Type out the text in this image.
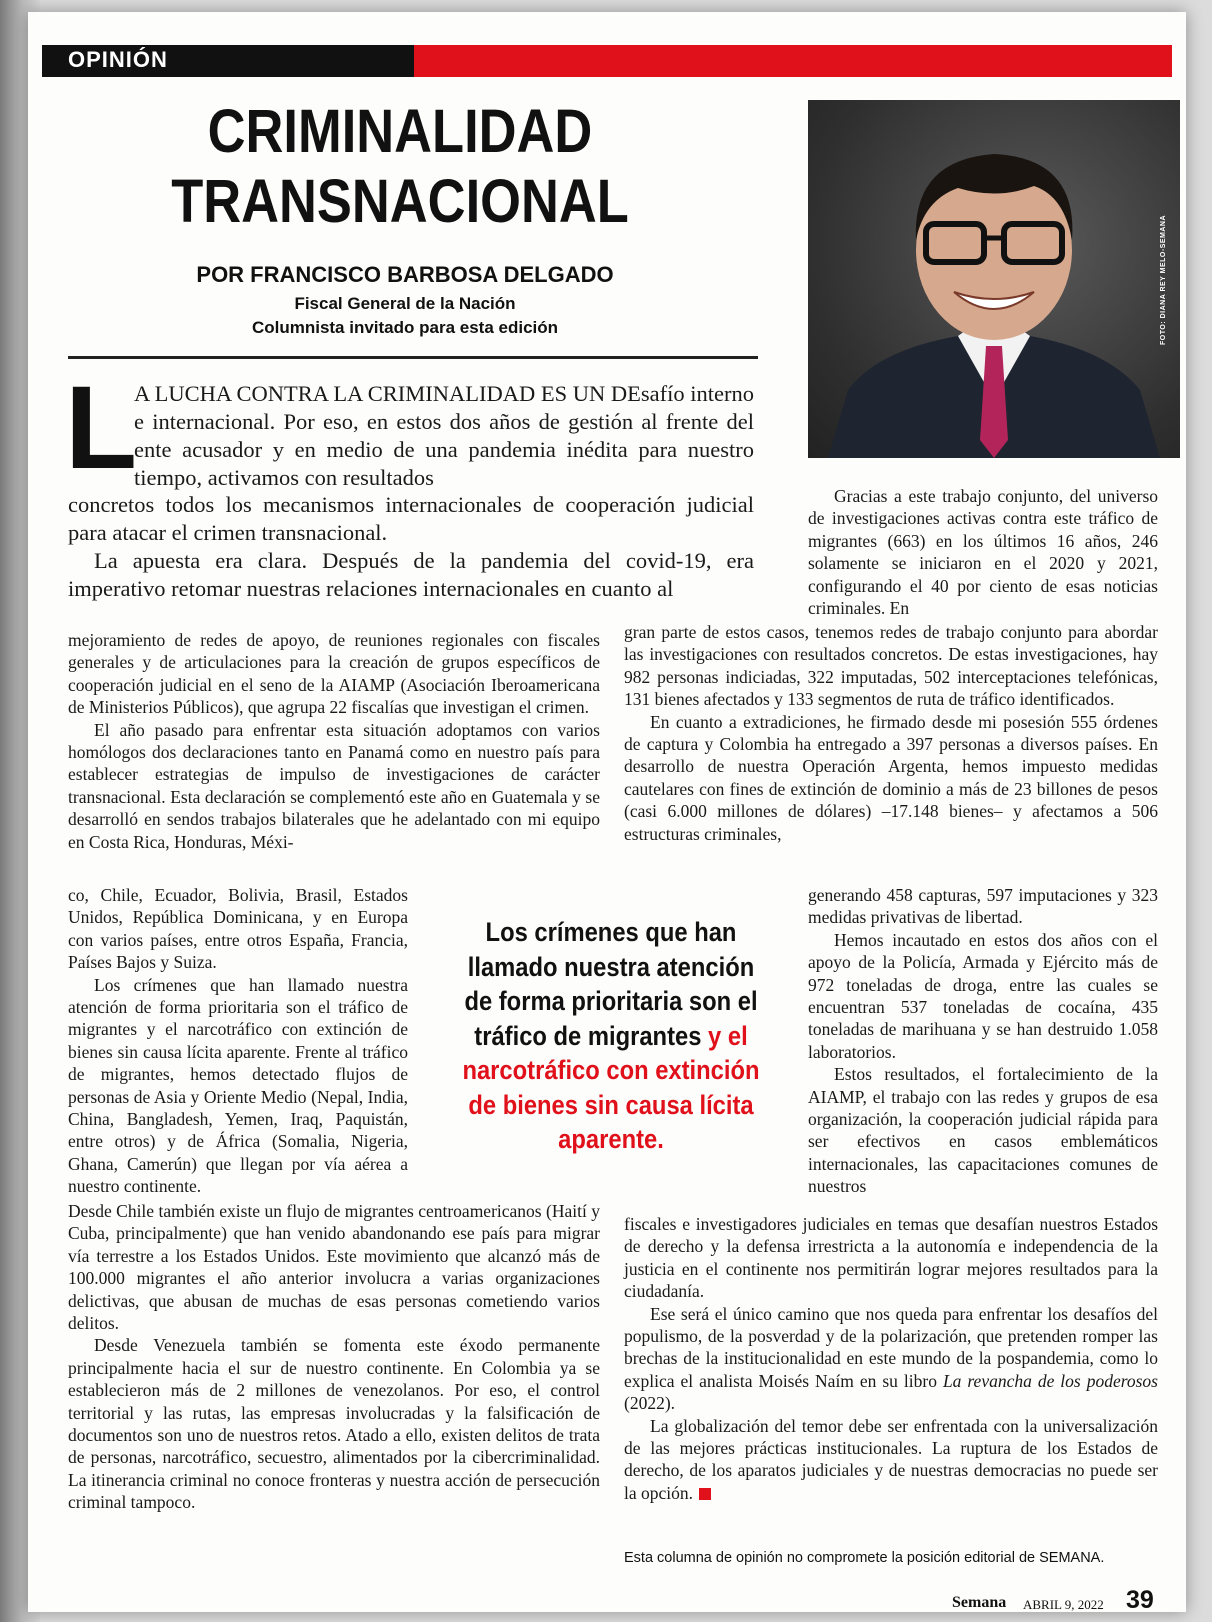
OPINIÓN
CRIMINALIDAD
TRANSNACIONAL
POR FRANCISCO BARBOSA DELGADO
Fiscal General de la Nación
Columnista invitado para esta edición	FOTO: DIANA REY MELO-SEMANA
L
A LUCHA CONTRA LA CRIMINALIDAD ES UN DEsafío interno e internacional. Por eso, en estos dos años de gestión al frente del ente acusador y en medio de una pandemia inédita para nuestro tiempo, activamos con resultados
concretos todos los mecanismos internacionales de cooperación judicial para atacar el crimen transnacional.
La apuesta era clara. Después de la pandemia del covid-19, era imperativo retomar nuestras relaciones internacionales en cuanto al

mejoramiento de redes de apoyo, de reuniones regionales con fiscales generales y de articulaciones para la creación de grupos específicos de cooperación judicial en el seno de la AIAMP (Asociación Iberoamericana de Ministerios Públicos), que agrupa 22 fiscalías que investigan el crimen.

El año pasado para enfrentar esta situación adoptamos con varios homólogos dos declaraciones tanto en Panamá como en nuestro país para establecer estrategias de impulso de investigaciones de carácter transnacional. Esta declaración se complementó este año en Guatemala y se desarrolló en sendos trabajos bilaterales que he adelantado con mi equipo en Costa Rica, Honduras, Méxi-

co, Chile, Ecuador, Bolivia, Brasil, Estados Unidos, República Dominicana, y en Europa con varios países, entre otros España, Francia, Países Bajos y Suiza.

Los crímenes que han llamado nuestra atención de forma prioritaria son el tráfico de migrantes y el narcotráfico con extinción de bienes sin causa lícita aparente. Frente al tráfico de migrantes, hemos detectado flujos de personas de Asia y Oriente Medio (Nepal, India, China, Bangladesh, Yemen, Iraq, Paquistán, entre otros) y de África (Somalia, Nigeria, Ghana, Camerún) que llegan por vía aérea a nuestro continente.

Desde Chile también existe un flujo de migrantes centroamericanos (Haití y Cuba, principalmente) que han venido abandonando ese país para migrar vía terrestre a los Estados Unidos. Este movimiento que alcanzó más de 100.000 migrantes el año anterior involucra a varias organizaciones delictivas, que abusan de muchas de esas personas cometiendo varios delitos.

Desde Venezuela también se fomenta este éxodo permanente principalmente hacia el sur de nuestro continente. En Colombia ya se establecieron más de 2 millones de venezolanos. Por eso, el control territorial y las rutas, las empresas involucradas y la falsificación de documentos son uno de nuestros retos. Atado a ello, existen delitos de trata de personas, narcotráfico, secuestro, alimentados por la cibercriminalidad. La itinerancia criminal no conoce fronteras y nuestra acción de persecución criminal tampoco.

Gracias a este trabajo conjunto, del universo de investigaciones activas contra este tráfico de migrantes (663) en los últimos 16 años, 246 solamente se iniciaron en el 2020 y 2021, configurando el 40 por ciento de esas noticias criminales. En

gran parte de estos casos, tenemos redes de trabajo conjunto para abordar las investigaciones con resultados concretos. De estas investigaciones, hay 982 personas indiciadas, 322 imputadas, 502 interceptaciones telefónicas, 131 bienes afectados y 133 segmentos de ruta de tráfico identificados.

En cuanto a extradiciones, he firmado desde mi posesión 555 órdenes de captura y Colombia ha entregado a 397 personas a diversos países. En desarrollo de nuestra Operación Argenta, hemos impuesto medidas cautelares con fines de extinción de dominio a más de 23 billones de pesos (casi 6.000 millones de dólares) –17.148 bienes– y afectamos a 506 estructuras criminales,

generando 458 capturas, 597 imputaciones y 323 medidas privativas de libertad.

Hemos incautado en estos dos años con el apoyo de la Policía, Armada y Ejército más de 972 toneladas de droga, entre las cuales se encuentran 537 toneladas de cocaína, 435 toneladas de marihuana y se han destruido 1.058 laboratorios.

Estos resultados, el fortalecimiento de la AIAMP, el trabajo con las redes y grupos de esa organización, la cooperación judicial rápida para ser efectivos en casos emblemáticos internacionales, las capacitaciones comunes de nuestros

fiscales e investigadores judiciales en temas que desafían nuestros Estados de derecho y la defensa irrestricta a la autonomía e independencia de la justicia en el continente nos permitirán lograr mejores resultados para la ciudadanía.

Ese será el único camino que nos queda para enfrentar los desafíos del populismo, de la posverdad y de la polarización, que pretenden romper las brechas de la institucionalidad en este mundo de la pospandemia, como lo explica el analista Moisés Naím en su libro La revancha de los poderosos (2022).

La globalización del temor debe ser enfrentada con la universalización de las mejores prácticas institucionales. La ruptura de los Estados de derecho, de los aparatos judiciales y de nuestras democracias no puede ser la opción.

Los crímenes que han llamado nuestra atención de forma prioritaria son el tráfico de migrantes y el narcotráfico con extinción de bienes sin causa lícita aparente.
Esta columna de opinión no compromete la posición editorial de SEMANA.
Semana ABRIL 9, 2022 39
